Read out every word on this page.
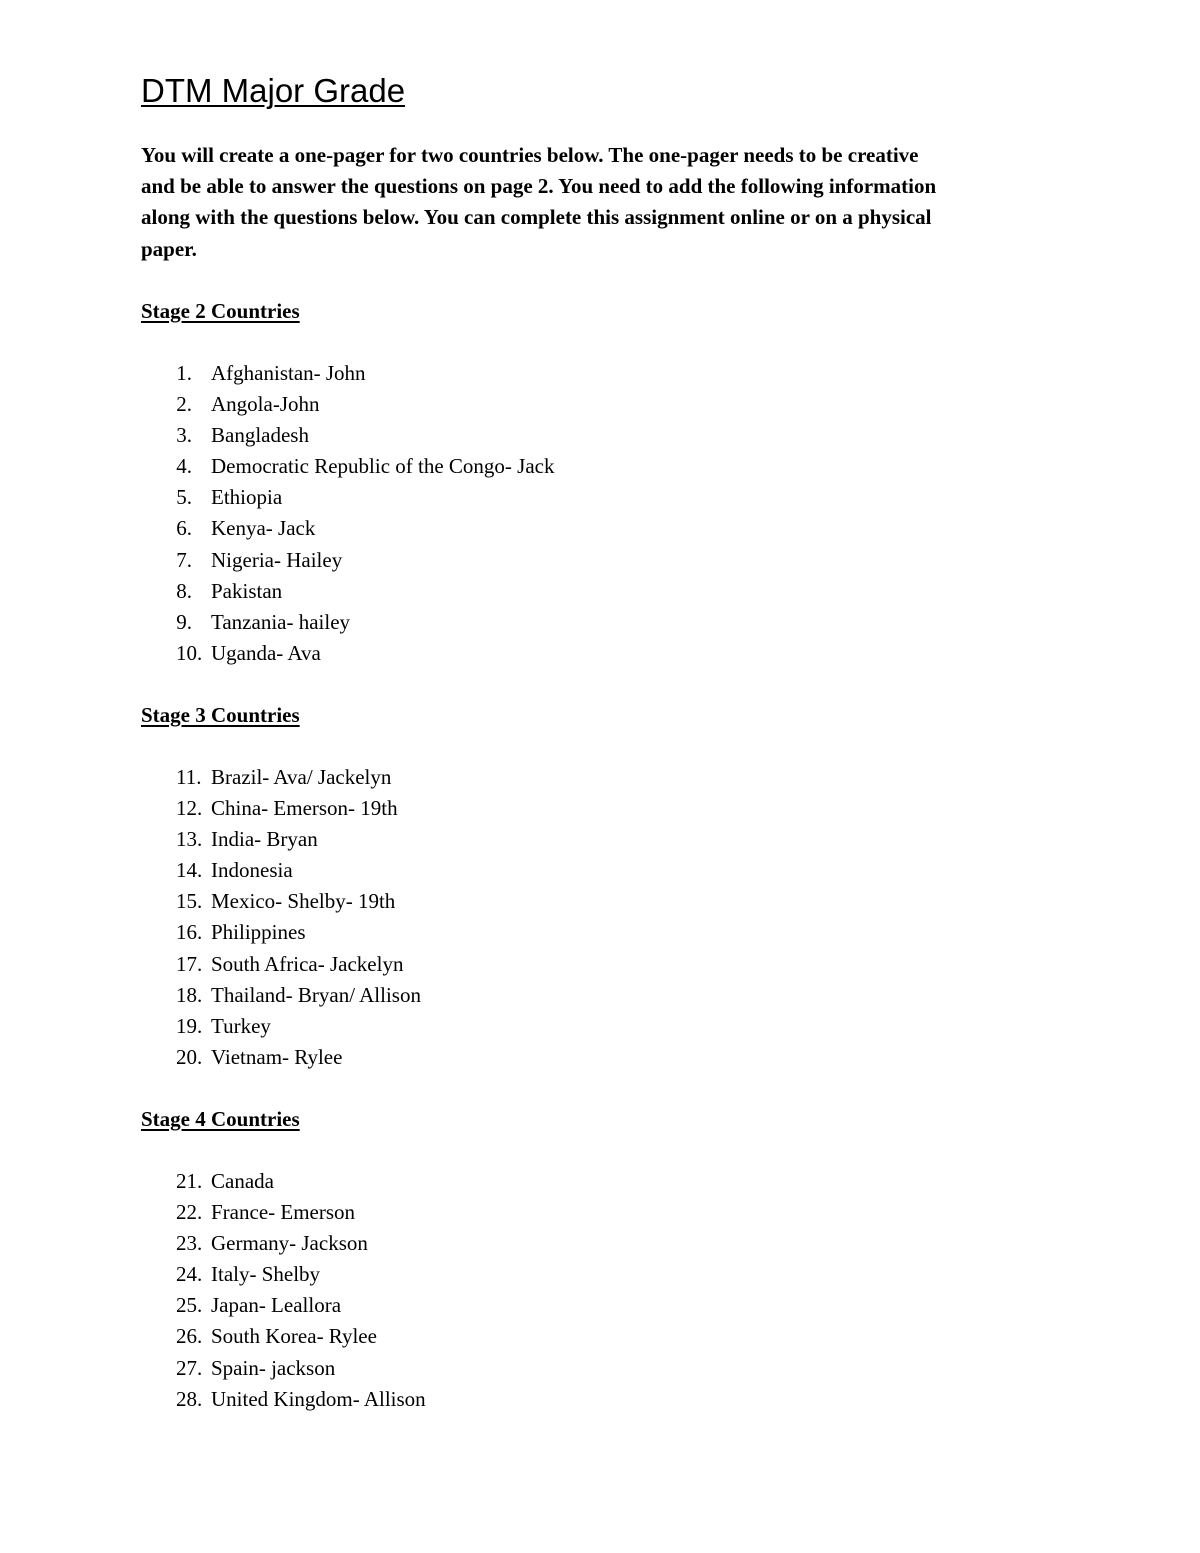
DTM Major Grade

You will create a one-pager for two countries below. The one-pager needs to be creative
and be able to answer the questions on page 2. You need to add the following information
along with the questions below. You can complete this assignment online or on a physical
paper.

Stage 2 Countries
1. Afghanistan- John
2. Angola-John
3. Bangladesh
4. Democratic Republic of the Congo- Jack
5. Ethiopia
6. Kenya- Jack
7. Nigeria- Hailey
8. Pakistan
9. Tanzania- hailey
10. Uganda- Ava
Stage 3 Countries
11. Brazil- Ava/ Jackelyn
12. China- Emerson- 19th
13. India- Bryan
14. Indonesia
15. Mexico- Shelby- 19th
16. Philippines
17. South Africa- Jackelyn
18. Thailand- Bryan/ Allison
19. Turkey
20. Vietnam- Rylee
Stage 4 Countries
21. Canada
22. France- Emerson
23. Germany- Jackson
24. Italy- Shelby
25. Japan- Leallora
26. South Korea- Rylee
27. Spain- jackson
28. United Kingdom- Allison
